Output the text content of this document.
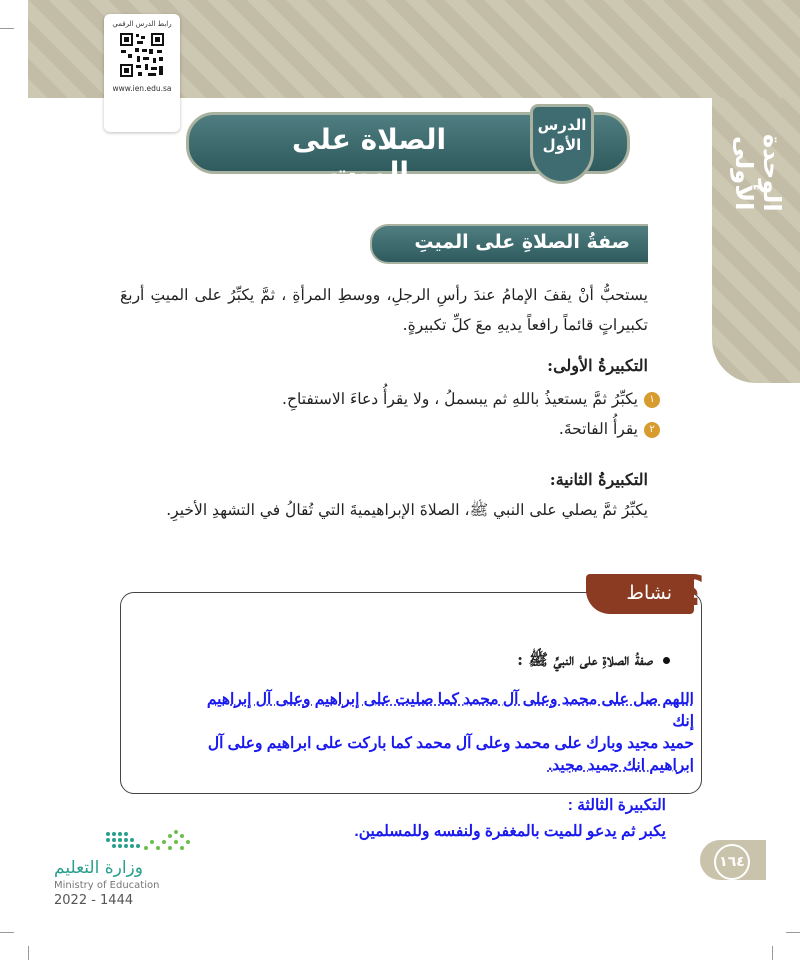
الوحدة الأولى
رابط الدرس الرقمي
www.ien.edu.sa
الصلاة على الميت
الدرس
الأول
صفةُ الصلاةِ على الميتِ
يستحبُّ أنْ يقفَ الإمامُ عندَ رأسِ الرجلِ، ووسطِ المرأةِ ، ثمَّ يكبِّرُ على الميتِ أربعَ تكبيراتٍ قائماً رافعاً يديهِ معَ كلِّ تكبيرةٍ.
التكبيرةُ الأولى:
١يكبِّرُ ثمَّ يستعيذُ باللهِ ثم يبسملُ ، ولا يقرأُ دعاءَ الاستفتاحِ.
٢يقرأُ الفاتحةَ.
التكبيرةُ الثانية:
يكبِّرُ ثمَّ يصلي على النبي ﷺ، الصلاةَ الإبراهيميةَ التي تُقالُ في التشهدِ الأخيرِ.
نشاط ؟
صفةُ الصلاةِ على النبيِّ ﷺ :
اللهم صل على محمد وعلى آل محمد كما صليت على إبراهيم وعلى آل إبراهيم
إنك
حميد مجيد وبارك على محمد وعلى آل محمد كما باركت على ابراهيم وعلى آل
ابراهيم انك حميد مجيد.
التكبيرة الثالثة :
يكبر ثم يدعو للميت بالمغفرة ولنفسه وللمسلمين.
١٦٤
وزارة التعليم
Ministry of Education
2022 - 1444
